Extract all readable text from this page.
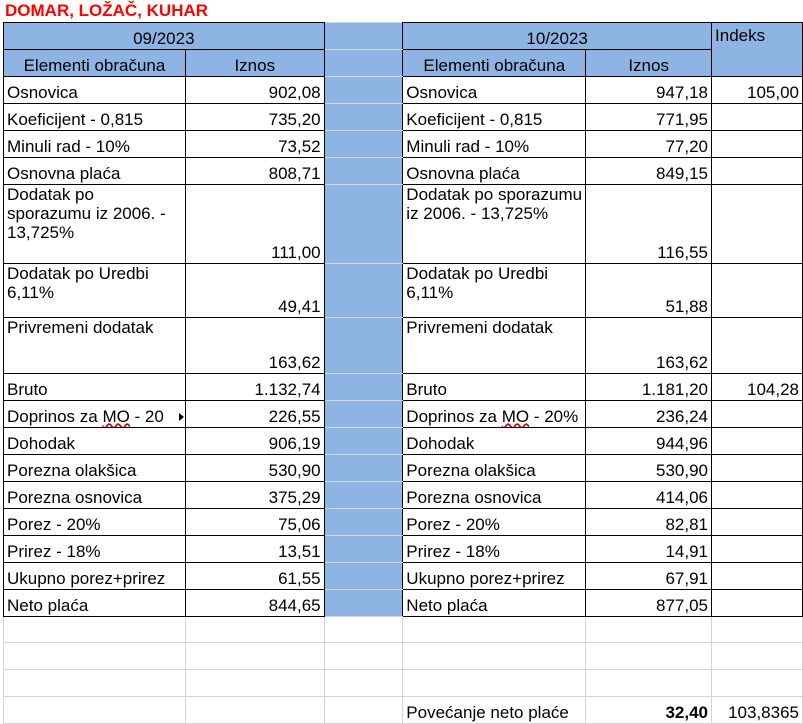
DOMAR, LOŽAČ, KUHAR
09/2023			10/2023		Indeks
Elementi obračuna	Iznos		Elementi obračuna	Iznos	
Osnovica	902,08		Osnovica	947,18	105,00
Koeficijent - 0,815	735,20		Koeficijent - 0,815	771,95	
Minuli rad - 10%	73,52		Minuli rad - 10%	77,20	
Osnovna plaća	808,71		Osnovna plaća	849,15	
Dodatak po sporazumu iz 2006. - 13,725%	111,00		Dodatak po sporazumu iz 2006. - 13,725%	116,55	
Dodatak po Uredbi 6,11%	49,41		Dodatak po Uredbi 6,11%	51,88	
Privremeni dodatak	163,62		Privremeni dodatak	163,62	
Bruto	1.132,74		Bruto	1.181,20	104,28
Doprinos za MO - 20	226,55		Doprinos za MO - 20%	236,24	
Dohodak	906,19		Dohodak	944,96	
Porezna olakšica	530,90		Porezna olakšica	530,90	
Porezna osnovica	375,29		Porezna osnovica	414,06	
Porez - 20%	75,06		Porez - 20%	82,81	
Prirez - 18%	13,51		Prirez - 18%	14,91	
Ukupno porez+prirez	61,55		Ukupno porez+prirez	67,91	
Neto plaća	844,65		Neto plaća	877,05	

			Povećanje neto plaće	32,40	103,8365
